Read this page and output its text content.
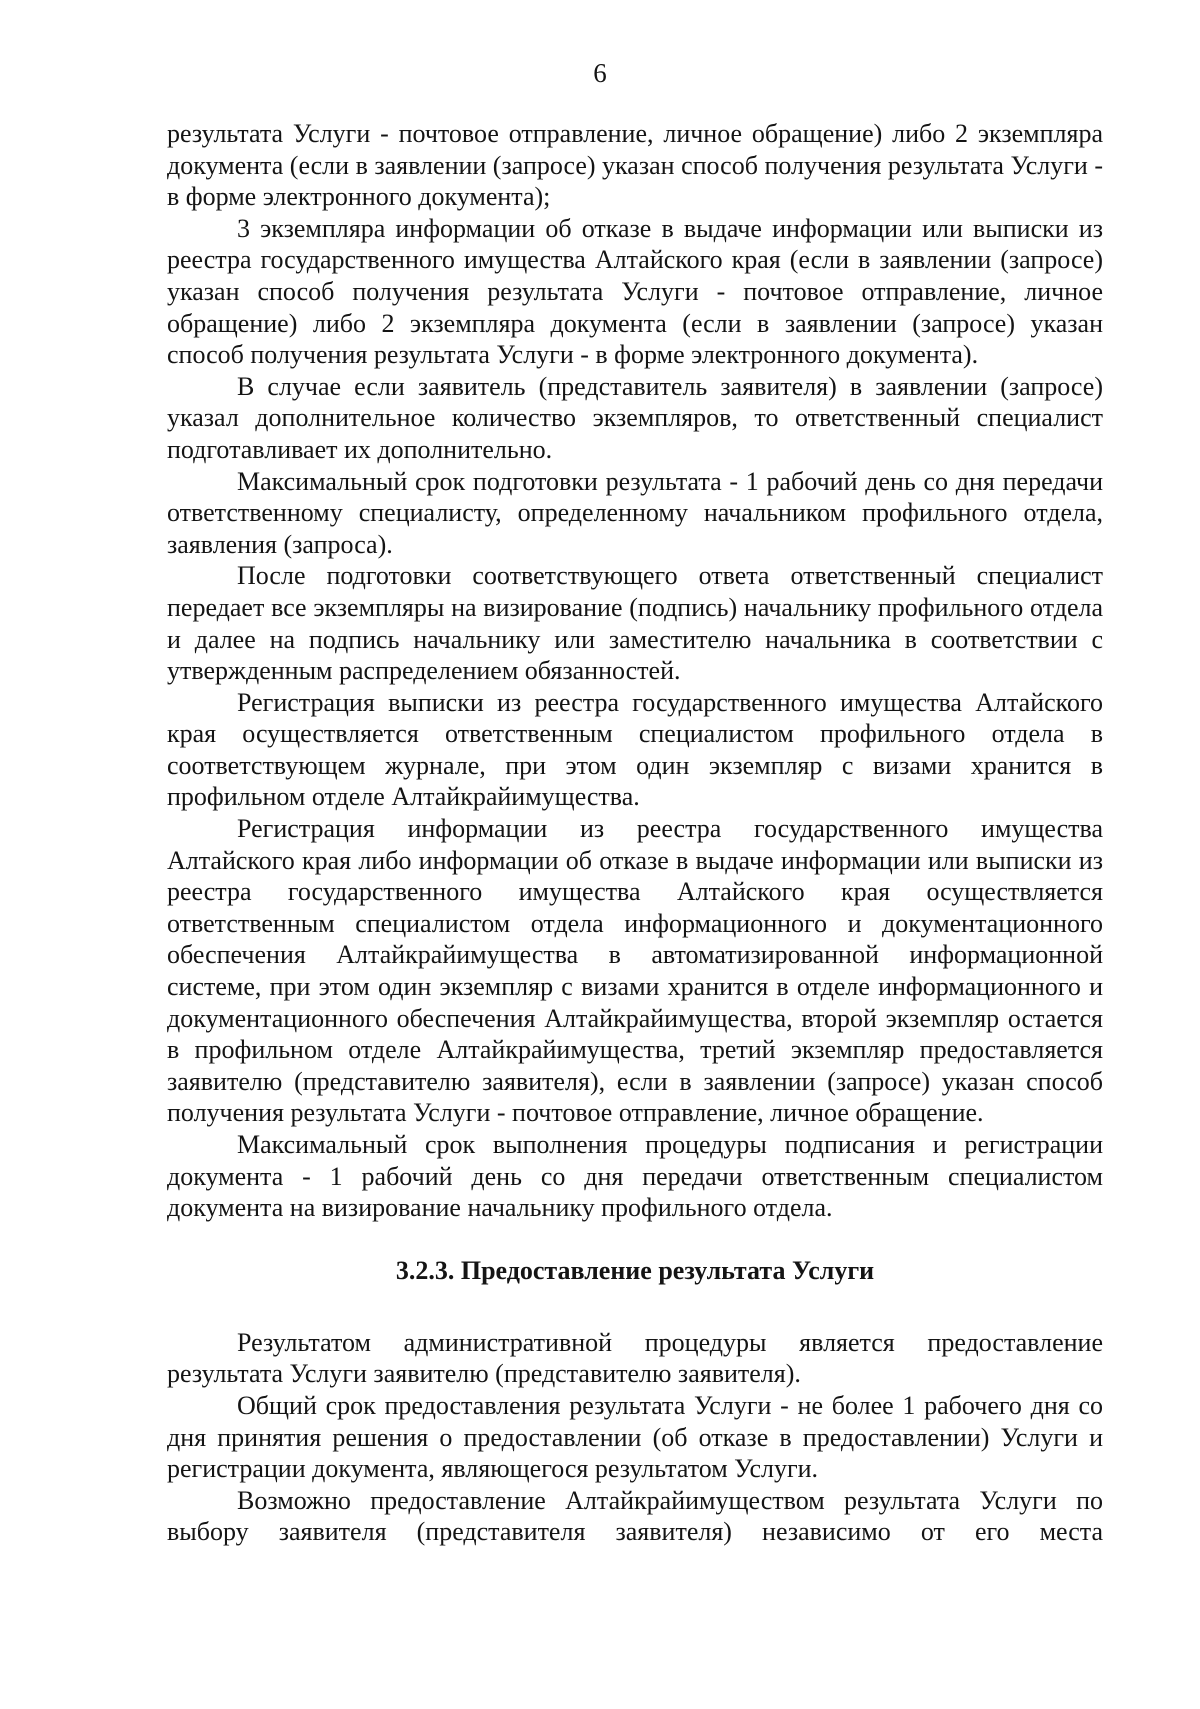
6

результата Услуги - почтовое отправление, личное обращение) либо 2 экземпляра документа (если в заявлении (запросе) указан способ получения результата Услуги - в форме электронного документа);

3 экземпляра информации об отказе в выдаче информации или выписки из реестра государственного имущества Алтайского края (если в заявлении (запросе) указан способ получения результата Услуги - почтовое отправление, личное обращение) либо 2 экземпляра документа (если в заявлении (запросе) указан способ получения результата Услуги - в форме электронного документа).

В случае если заявитель (представитель заявителя) в заявлении (запросе) указал дополнительное количество экземпляров, то ответственный специалист подготавливает их дополнительно.

Максимальный срок подготовки результата - 1 рабочий день со дня передачи ответственному специалисту, определенному начальником профильного отдела, заявления (запроса).

После подготовки соответствующего ответа ответственный специалист передает все экземпляры на визирование (подпись) начальнику профильного отдела и далее на подпись начальнику или заместителю начальника в соответствии с утвержденным распределением обязанностей.

Регистрация выписки из реестра государственного имущества Алтайского края осуществляется ответственным специалистом профильного отдела в соответствующем журнале, при этом один экземпляр с визами хранится в профильном отделе Алтайкрайимущества.

Регистрация информации из реестра государственного имущества Алтайского края либо информации об отказе в выдаче информации или выписки из реестра государственного имущества Алтайского края осуществляется ответственным специалистом отдела информационного и документационного обеспечения Алтайкрайимущества в автоматизированной информационной системе, при этом один экземпляр с визами хранится в отделе информационного и документационного обеспечения Алтайкрайимущества, второй экземпляр остается в профильном отделе Алтайкрайимущества, третий экземпляр предоставляется заявителю (представителю заявителя), если в заявлении (запросе) указан способ получения результата Услуги - почтовое отправление, личное обращение.

Максимальный срок выполнения процедуры подписания и регистрации документа - 1 рабочий день со дня передачи ответственным специалистом документа на визирование начальнику профильного отдела.

3.2.3. Предоставление результата Услуги

Результатом административной процедуры является предоставление результата Услуги заявителю (представителю заявителя).

Общий срок предоставления результата Услуги - не более 1 рабочего дня со дня принятия решения о предоставлении (об отказе в предоставлении) Услуги и регистрации документа, являющегося результатом Услуги.

Возможно предоставление Алтайкрайимуществом результата Услуги по выбору заявителя (представителя заявителя) независимо от его места
